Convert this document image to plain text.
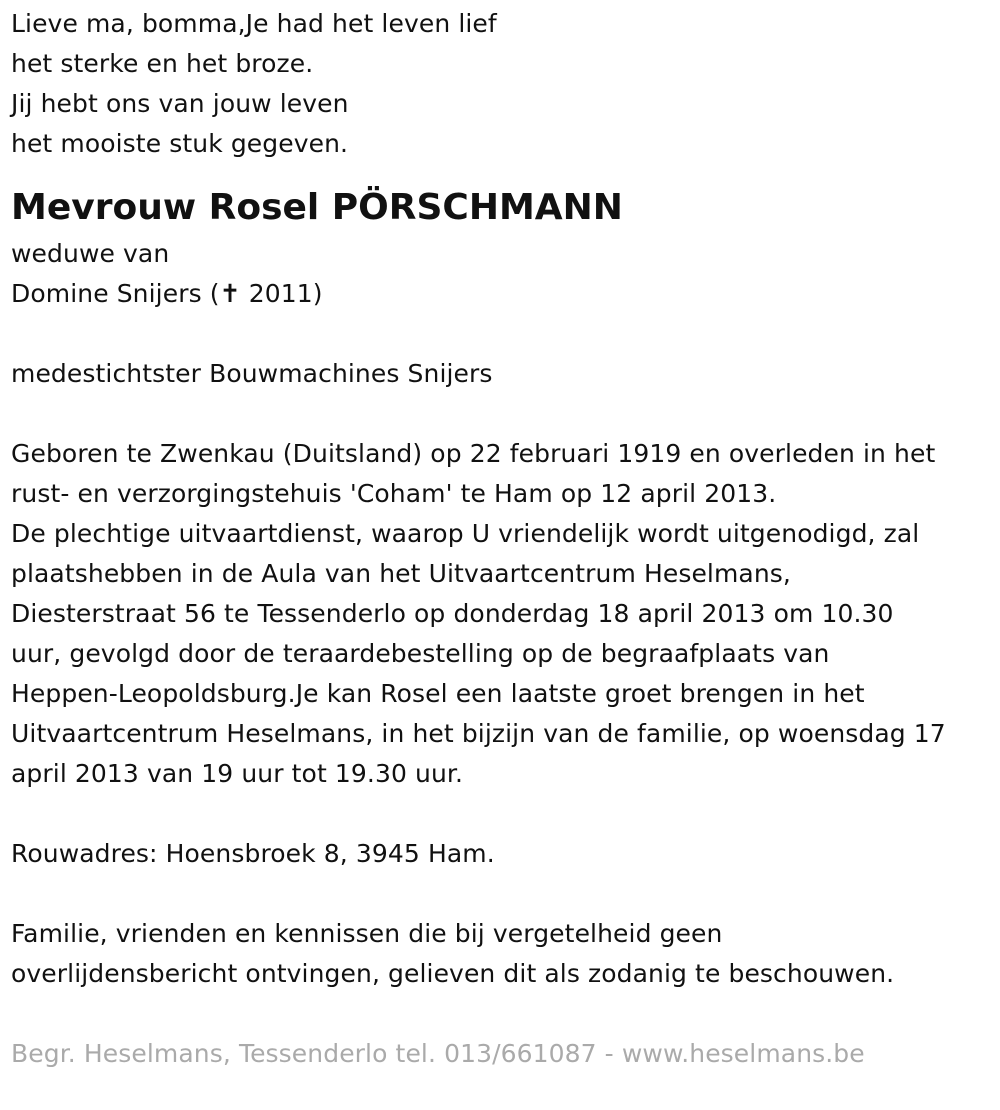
Lieve ma, bomma,Je had het leven lief
het sterke en het broze.
Jij hebt ons van jouw leven
het mooiste stuk gegeven.
Mevrouw Rosel PÖRSCHMANN
weduwe van
Domine Snijers (✝ 2011)
medestichtster Bouwmachines Snijers
Geboren te Zwenkau (Duitsland) op 22 februari 1919 en overleden in het
rust- en verzorgingstehuis 'Coham' te Ham op 12 april 2013.
De plechtige uitvaartdienst, waarop U vriendelijk wordt uitgenodigd, zal
plaatshebben in de Aula van het Uitvaartcentrum Heselmans,
Diesterstraat 56 te Tessenderlo op donderdag 18 april 2013 om 10.30
uur, gevolgd door de teraardebestelling op de begraafplaats van
Heppen-Leopoldsburg.Je kan Rosel een laatste groet brengen in het
Uitvaartcentrum Heselmans, in het bijzijn van de familie, op woensdag 17
april 2013 van 19 uur tot 19.30 uur.
Rouwadres: Hoensbroek 8, 3945 Ham.
Familie, vrienden en kennissen die bij vergetelheid geen
overlijdensbericht ontvingen, gelieven dit als zodanig te beschouwen.
Begr. Heselmans, Tessenderlo tel. 013/661087 - www.heselmans.be
